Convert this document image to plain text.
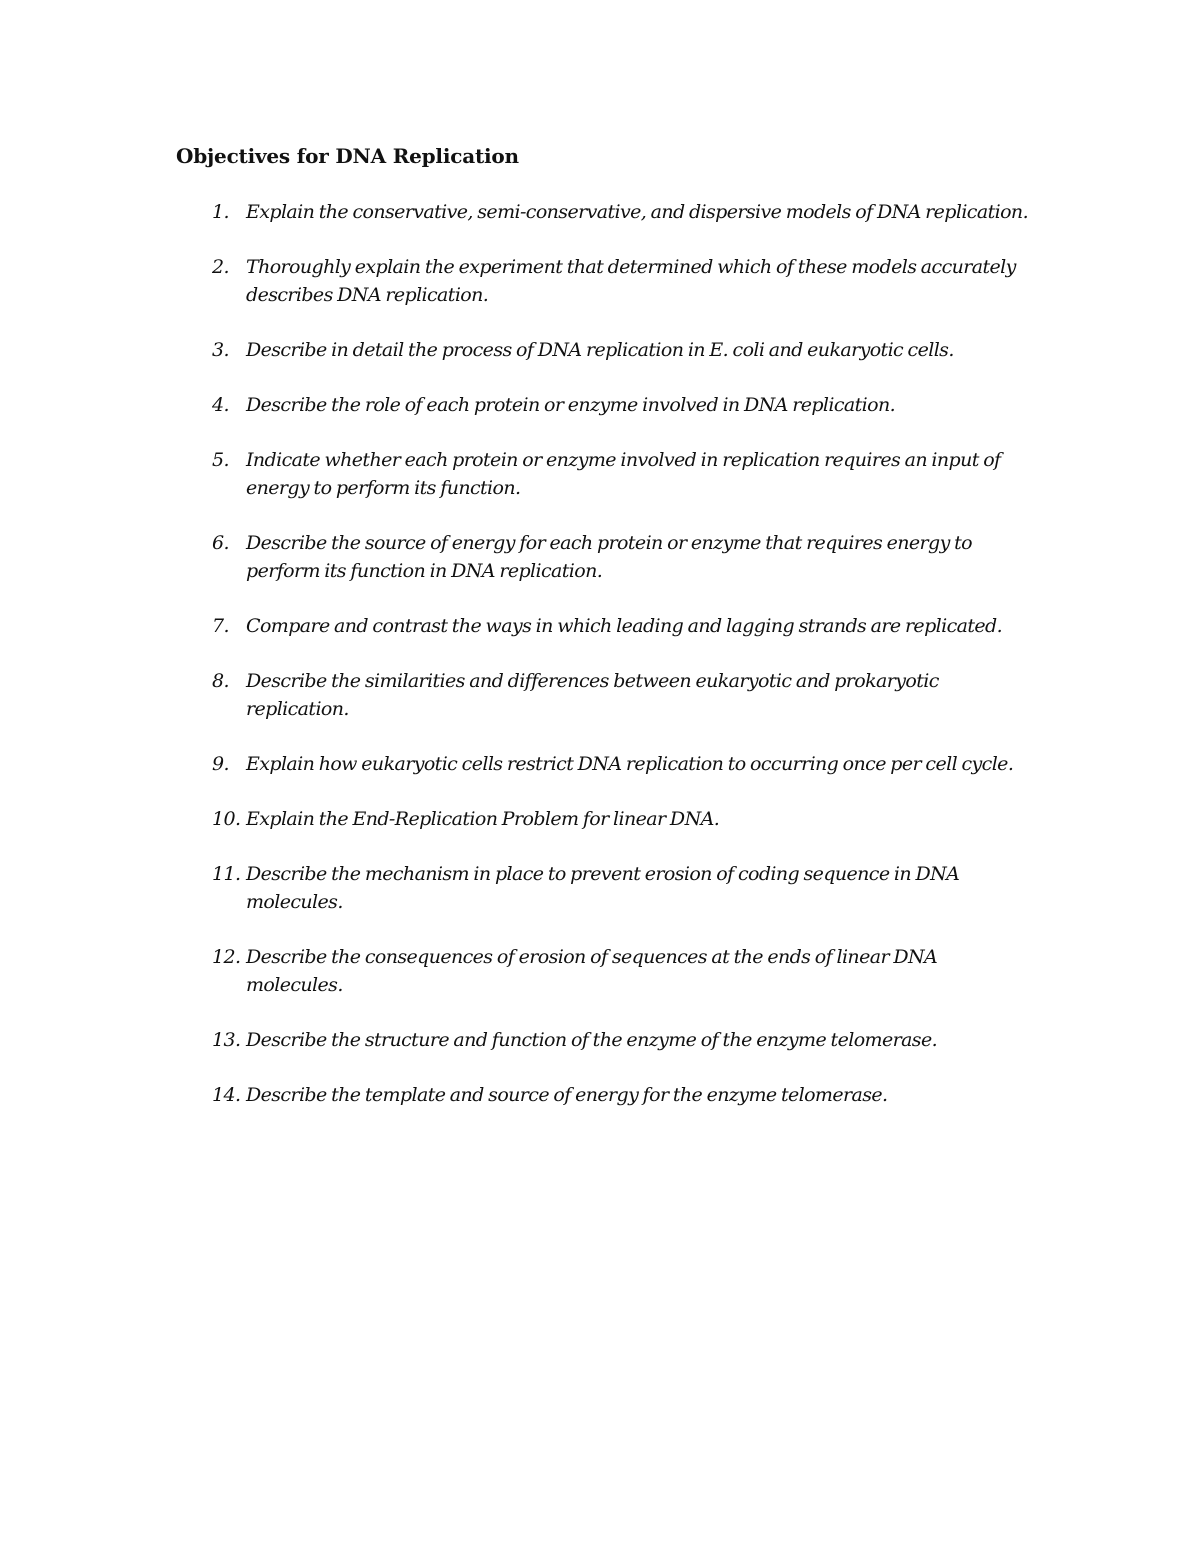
Objectives for DNA Replication
1. Explain the conservative, semi-conservative, and dispersive models of DNA replication.
2. Thoroughly explain the experiment that determined which of these models accurately describes DNA replication.
3. Describe in detail the process of DNA replication in E. coli and eukaryotic cells.
4. Describe the role of each protein or enzyme involved in DNA replication.
5. Indicate whether each protein or enzyme involved in replication requires an input of energy to perform its function.
6. Describe the source of energy for each protein or enzyme that requires energy to perform its function in DNA replication.
7. Compare and contrast the ways in which leading and lagging strands are replicated.
8. Describe the similarities and differences between eukaryotic and prokaryotic replication.
9. Explain how eukaryotic cells restrict DNA replication to occurring once per cell cycle.
10. Explain the End-Replication Problem for linear DNA.
11. Describe the mechanism in place to prevent erosion of coding sequence in DNA molecules.
12. Describe the consequences of erosion of sequences at the ends of linear DNA molecules.
13. Describe the structure and function of the enzyme of the enzyme telomerase.
14. Describe the template and source of energy for the enzyme telomerase.
